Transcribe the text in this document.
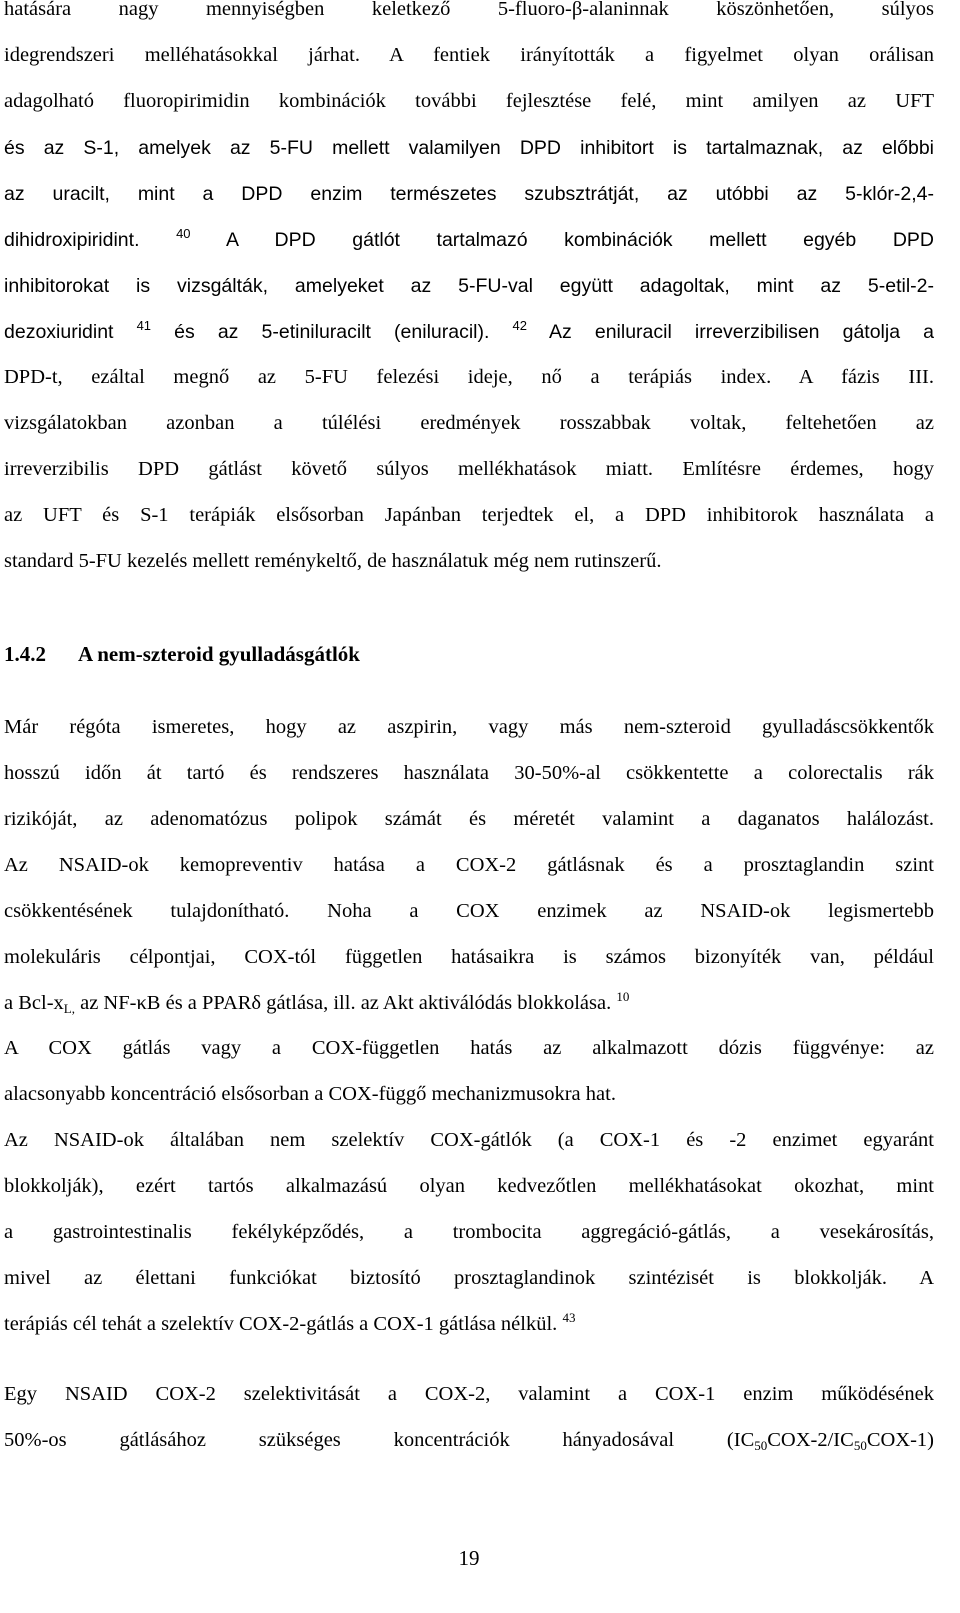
hatására nagy mennyiségben keletkező 5-fluoro-β-alaninnak köszönhetően, súlyos
idegrendszeri melléhatásokkal járhat. A fentiek irányították a figyelmet olyan orálisan
adagolható fluoropirimidin kombinációk további fejlesztése felé, mint amilyen az UFT
és az S-1, amelyek az 5-FU mellett valamilyen DPD inhibitort is tartalmaznak, az előbbi
az uracilt, mint a DPD enzim természetes szubsztrátját, az utóbbi az 5-klór-2,4-
dihidroxipiridint.	$^{40}$ A DPD gátlót tartalmazó kombinációk mellett egyéb DPD
inhibitorokat is vizsgálták, amelyeket az 5-FU-val együtt adagoltak, mint az 5-etil-2-
dezoxiuridint $^{41}$ és az 5-etiniluracilt (eniluracil). $^{42}$ Az eniluracil irreverzibilisen gátolja a
DPD-t, ezáltal megnő az 5-FU felezési ideje, nő a terápiás index. A fázis III.
vizsgálatokban azonban a túlélési eredmények rosszabbak voltak, feltehetően az
irreverzibilis DPD gátlást követő súlyos mellékhatások miatt. Említésre érdemes, hogy
az UFT és S-1 terápiák elsősorban Japánban terjedtek el, a DPD inhibitorok használata a
standard 5-FU kezelés mellett reménykeltő, de használatuk még nem rutinszerű.
1.4.2 A nem-szteroid gyulladásgátlók
Már régóta ismeretes, hogy az aszpirin, vagy más nem-szteroid gyulladáscsökkentők
hosszú időn át tartó és rendszeres használata 30-50%-al csökkentette a colorectalis rák
rizikóját, az adenomatózus polipok számát és méretét valamint a daganatos halálozást.
Az NSAID-ok kemopreventiv hatása a COX-2 gátlásnak és a prosztaglandin szint
csökkentésének tulajdonítható. Noha a COX enzimek az NSAID-ok legismertebb
molekuláris célpontjai, COX-tól független hatásaikra is számos bizonyíték van, például
a Bcl-$x_{L,}$ az NF-κB és a PPARδ gátlása, ill. az Akt aktiválódás blokkolása. $^{10}$
A COX gátlás vagy a COX-független hatás az alkalmazott dózis függvénye: az
alacsonyabb koncentráció elsősorban a COX-függő mechanizmusokra hat.
Az NSAID-ok általában nem szelektív COX-gátlók (a COX-1 és -2 enzimet egyaránt
blokkolják), ezért tartós alkalmazású olyan kedvezőtlen mellékhatásokat okozhat, mint
a gastrointestinalis fekélyképződés, a trombocita aggregáció-gátlás, a vesekárosítás,
mivel az élettani funkciókat biztosító prosztaglandinok szintézisét is blokkolják. A
terápiás cél tehát a szelektív COX-2-gátlás a COX-1 gátlása nélkül. $^{43}$
Egy NSAID COX-2 szelektivitását a COX-2, valamint a COX-1 enzim működésének
50%-os gátlásához szükséges koncentrációk hányadosával $(IC_{50}COX-2/IC_{50}COX-1)$
19
